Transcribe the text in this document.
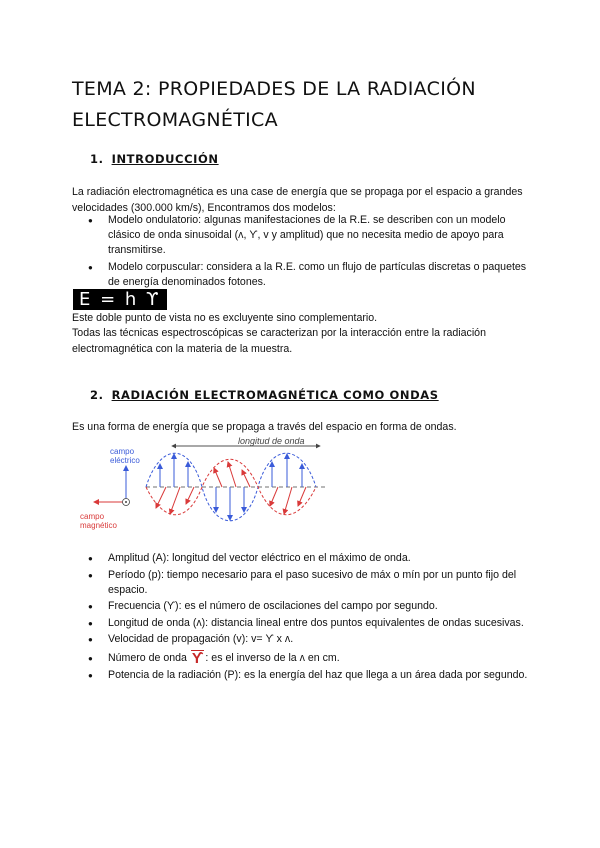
TEMA 2: PROPIEDADES DE LA RADIACIÓN ELECTROMAGNÉTICA
1. INTRODUCCIÓN
La radiación electromagnética es una case de energía que se propaga por el espacio a grandes velocidades (300.000 km/s), Encontramos dos modelos:
● Modelo ondulatorio: algunas manifestaciones de la R.E. se describen con un modelo clásico de onda sinusoidal (ʌ, ϒ, v y amplitud) que no necesita medio de apoyo para transmitirse.
● Modelo corpuscular: considera a la R.E. como un flujo de partículas discretas o paquetes de energía denominados fotones.
E = h ϒ
Este doble punto de vista no es excluyente sino complementario.
Todas las técnicas espectroscópicas se caracterizan por la interacción entre la radiación electromagnética con la materia de la muestra.
2. RADIACIÓN ELECTROMAGNÉTICA COMO ONDAS
Es una forma de energía que se propaga a través del espacio en forma de ondas.
longitud de onda
campo
eléctrico
campo
magnético
● Amplitud (A): longitud del vector eléctrico en el máximo de onda.
● Período (p): tiempo necesario para el paso sucesivo de máx o mín por un punto fijo del espacio.
● Frecuencia (ϒ): es el número de oscilaciones del campo por segundo.
● Longitud de onda (ʌ): distancia lineal entre dos puntos equivalentes de ondas sucesivas.
● Velocidad de propagación (v): v= ϒ x ʌ.
● Número de onda ϒ : es el inverso de la ʌ en cm.
● Potencia de la radiación (P): es la energía del haz que llega a un área dada por segundo.
